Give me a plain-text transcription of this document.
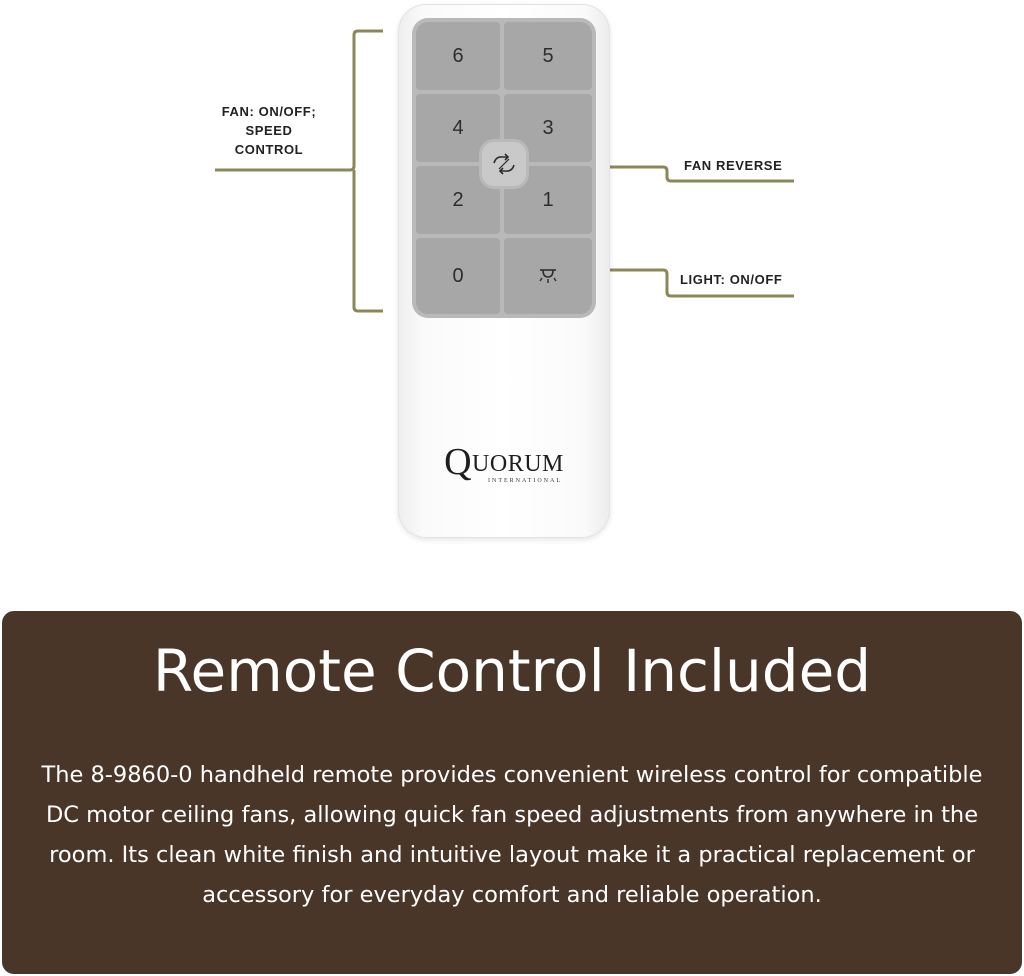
FAN: ON/OFF;
SPEED
CONTROL
FAN REVERSE
LIGHT: ON/OFF
6	5
4	3
2	1
0
QUORUM
INTERNATIONAL
Remote Control Included
The 8-9860-0 handheld remote provides convenient wireless control for compatible DC motor ceiling fans, allowing quick fan speed adjustments from anywhere in the room. Its clean white finish and intuitive layout make it a practical replacement or accessory for everyday comfort and reliable operation.
